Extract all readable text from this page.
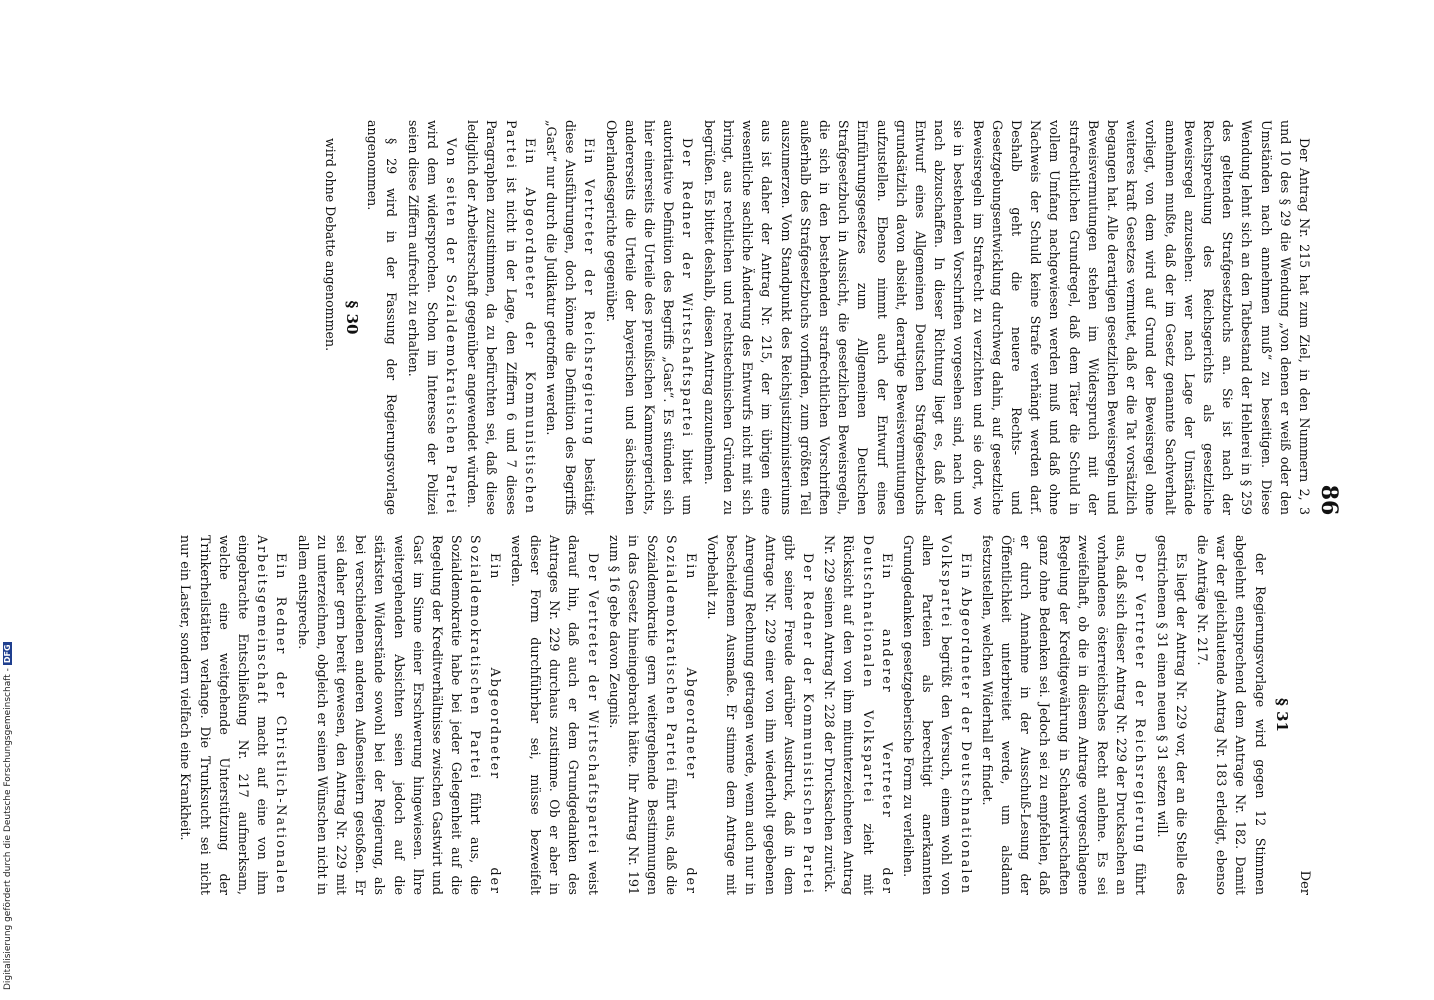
Digitalisierung gefördert durch die Deutsche Forschungsgemeinschaft -DFG
86

Der Antrag Nr. 215 hat zum Ziel, in den Nummern 2, 3 und 10 des § 29 die Wendung „von denen er weiß oder den Umständen nach annehmen muß“ zu beseitigen. Diese Wendung lehnt sich an den Tatbestand der Hehlerei in § 259 des geltenden Strafgesetzbuchs an. Sie ist nach der Rechtsprechung des Reichsgerichts als gesetzliche Beweisregel anzusehen: wer nach Lage der Umstände annehmen mußte, daß der im Gesetz genannte Sachverhalt vorliegt, von dem wird auf Grund der Beweisregel ohne weiteres kraft Gesetzes vermutet, daß er die Tat vorsätzlich begangen hat. Alle derartigen gesetzlichen Beweisregeln und Beweisvermutungen stehen im Widerspruch mit der strafrechtlichen Grundregel, daß dem Täter die Schuld in vollem Umfang nachgewiesen werden muß und daß ohne Nachweis der Schuld keine Strafe verhängt werden darf. Deshalb geht die neuere Rechts- und Gesetzgebungsentwicklung durchweg dahin, auf gesetzliche Beweisregeln im Strafrecht zu verzichten und sie dort, wo sie in bestehenden Vorschriften vorgesehen sind, nach und nach abzuschaffen. In dieser Richtung liegt es, daß der Entwurf eines Allgemeinen Deutschen Strafgesetzbuchs grundsätzlich davon absieht, derartige Beweisvermutungen aufzustellen. Ebenso nimmt auch der Entwurf eines Einführungsgesetzes zum Allgemeinen Deutschen Strafgesetzbuch in Aussicht, die gesetzlichen Beweisregeln, die sich in den bestehenden strafrechtlichen Vorschriften außerhalb des Strafgesetzbuchs vorfinden, zum größten Teil auszumerzen. Vom Standpunkt des Reichsjustizministeriums aus ist daher der Antrag Nr. 215, der im übrigen eine wesentliche sachliche Änderung des Entwurfs nicht mit sich bringt, aus rechtlichen und rechtstechnischen Gründen zu begrüßen. Es bittet deshalb, diesen Antrag anzunehmen.

Der Redner der Wirtschaftspartei bittet um autoritative Definition des Begriffs „Gast“. Es stünden sich hier einerseits die Urteile des preußischen Kammergerichts, andererseits die Urteile der bayerischen und sächsischen Oberlandesgerichte gegenüber.

Ein Vertreter der Reichsregierung bestätigt diese Ausführungen, doch könne die Definition des Begriffs „Gast“ nur durch die Judikatur getroffen werden.

Ein Abgeordneter der Kommunistischen Partei ist nicht in der Lage, den Ziffern 6 und 7 dieses Paragraphen zuzustimmen, da zu befürchten sei, daß diese lediglich der Arbeiterschaft gegenüber angewendet würden.

Von seiten der Sozialdemokratischen Partei wird dem widersprochen. Schon im Interesse der Polizei seien diese Ziffern aufrecht zu erhalten.

§ 29 wird in der Fassung der Regierungsvorlage angenommen.

§ 30

wird ohne Debatte angenommen.

Der

§ 31

der Regierungsvorlage wird gegen 12 Stimmen abgelehnt entsprechend dem Antrage Nr. 182. Damit war der gleichlautende Antrag Nr. 183 erledigt, ebenso die Anträge Nr. 217.

Es liegt der Antrag Nr. 229 vor, der an die Stelle des gestrichenen § 31 einen neuen § 31 setzen will.

Der Vertreter der Reichsregierung führt aus, daß sich dieser Antrag Nr. 229 der Drucksachen an vorhandenes österreichisches Recht anlehne. Es sei zweifelhaft, ob die in diesem Antrage vorgeschlagene Regelung der Kreditgewährung in Schankwirtschaften ganz ohne Bedenken sei. Jedoch sei zu empfehlen, daß er durch Annahme in der Ausschuß-Lesung der Öffentlichkeit unterbreitet werde, um alsdann festzustellen, welchen Widerhall er findet.

Ein Abgeordneter der Deutschnationalen Volkspartei begrüßt den Versuch, einem wohl von allen Parteien als berechtigt anerkannten Grundgedanken gesetzgeberische Form zu verleihen.

Ein anderer Vertreter der Deutschnationalen Volkspartei zieht mit Rücksicht auf den von ihm mitunterzeichneten Antrag Nr. 229 seinen Antrag Nr. 228 der Drucksachen zurück.

Der Redner der Kommunistischen Partei gibt seiner Freude darüber Ausdruck, daß in dem Antrage Nr. 229 einer von ihm wiederholt gegebenen Anregung Rechnung getragen werde, wenn auch nur in bescheidenem Ausmaße. Er stimme dem Antrage mit Vorbehalt zu.

Ein Abgeordneter der Sozialdemokratischen Partei führt aus, daß die Sozialdemokratie gern weitergehende Bestimmungen in das Gesetz hineingebracht hätte. Ihr Antrag Nr. 191 zum § 16 gebe davon Zeugnis.

Der Vertreter der Wirtschaftspartei weist darauf hin, daß auch er dem Grundgedanken des Antrages Nr. 229 durchaus zustimme. Ob er aber in dieser Form durchführbar sei, müsse bezweifelt werden.

Ein Abgeordneter der Sozialdemokratischen Partei führt aus, die Sozialdemokratie habe bei jeder Gelegenheit auf die Regelung der Kreditverhältnisse zwischen Gastwirt und Gast im Sinne einer Erschwerung hingewiesen. Ihre weitergehenden Absichten seien jedoch auf die stärksten Widerstände sowohl bei der Regierung, als bei verschiedenen anderen Außenseitern gestoßen. Er sei daher gern bereit gewesen, den Antrag Nr. 229 mit zu unterzeichnen, obgleich er seinen Wünschen nicht in allem entspreche.

Ein Redner der Christlich-Nationalen Arbeitsgemeinschaft macht auf eine von ihm eingebrachte Entschließung Nr. 217 aufmerksam, welche eine weitgehende Unterstützung der Trinkerheilstätten verlange. Die Trunksucht sei nicht nur ein Laster, sondern vielfach eine Krankheit.
